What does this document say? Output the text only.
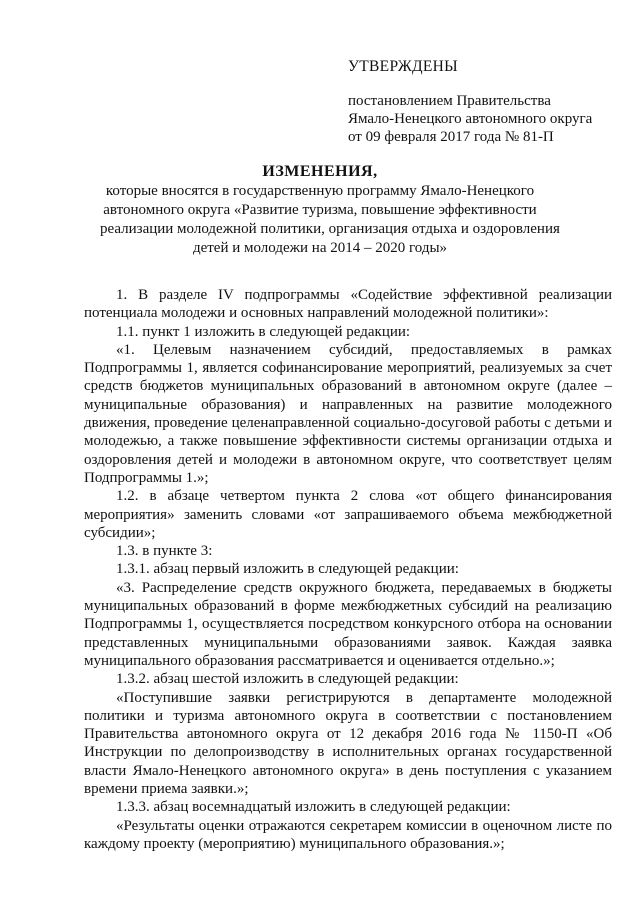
УТВЕРЖДЕНЫ
постановлением Правительства
Ямало-Ненецкого автономного округа
от 09 февраля 2017 года № 81-П
ИЗМЕНЕНИЯ,
которые вносятся в государственную программу Ямало-Ненецкого
автономного округа «Развитие туризма, повышение эффективности
реализации молодежной политики, организация отдыха и оздоровления
детей и молодежи на 2014 – 2020 годы»

1. В разделе IV подпрограммы «Содействие эффективной реализации потенциала молодежи и основных направлений молодежной политики»:

1.1. пункт 1 изложить в следующей редакции:

«1. Целевым назначением субсидий, предоставляемых в рамках Подпрограммы 1, является софинансирование мероприятий, реализуемых за счет средств бюджетов муниципальных образований в автономном округе (далее – муниципальные образования) и направленных на развитие молодежного движения, проведение целенаправленной социально-досуговой работы с детьми и молодежью, а также повышение эффективности системы организации отдыха и оздоровления детей и молодежи в автономном округе, что соответствует целям Подпрограммы 1.»;

1.2. в абзаце четвертом пункта 2 слова «от общего финансирования мероприятия» заменить словами «от запрашиваемого объема межбюджетной субсидии»;

1.3. в пункте 3:

1.3.1. абзац первый изложить в следующей редакции:

«3. Распределение средств окружного бюджета, передаваемых в бюджеты муниципальных образований в форме межбюджетных субсидий на реализацию Подпрограммы 1, осуществляется посредством конкурсного отбора на основании представленных муниципальными образованиями заявок. Каждая заявка муниципального образования рассматривается и оценивается отдельно.»;

1.3.2. абзац шестой изложить в следующей редакции:

«Поступившие заявки регистрируются в департаменте молодежной политики и туризма автономного округа в соответствии с постановлением Правительства автономного округа от 12 декабря 2016 года № 1150-П «Об Инструкции по делопроизводству в исполнительных органах государственной власти Ямало-Ненецкого автономного округа» в день поступления с указанием времени приема заявки.»;

1.3.3. абзац восемнадцатый изложить в следующей редакции:

«Результаты оценки отражаются секретарем комиссии в оценочном листе по каждому проекту (мероприятию) муниципального образования.»;
